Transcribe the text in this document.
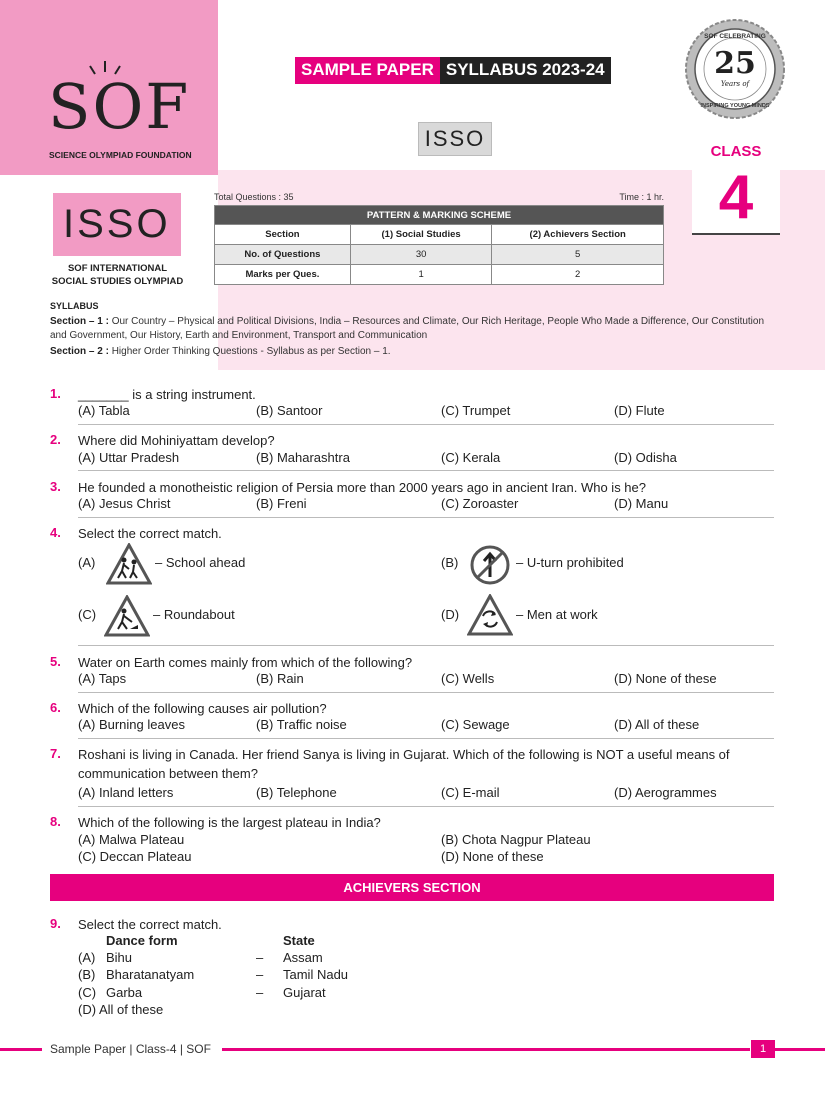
SOF
SCIENCE OLYMPIAD FOUNDATION
SAMPLE PAPER SYLLABUS 2023-24
ISSO
25
Years of
SOF CELEBRATING
INSPIRING YOUNG MINDS
CLASS
4
ISSO
SOF INTERNATIONAL
SOCIAL STUDIES OLYMPIAD
Total Questions : 35	Time : 1 hr.
PATTERN & MARKING SCHEME		
Section	(1) Social Studies	(2) Achievers Section
No. of Questions	30	5
Marks per Ques.	1	2
SYLLABUS
Section – 1 : Our Country – Physical and Political Divisions, India – Resources and Climate, Our Rich Heritage, People Who Made a Difference, Our Constitution and Government, Our History, Earth and Environment, Transport and Communication
Section – 2 : Higher Order Thinking Questions - Syllabus as per Section – 1.
1. _______ is a string instrument.
(A) Tabla	(B) Santoor	(C) Trumpet	(D) Flute
2. Where did Mohiniyattam develop?
(A) Uttar Pradesh	(B) Maharashtra	(C) Kerala	(D) Odisha
3. He founded a monotheistic religion of Persia more than 2000 years ago in ancient Iran. Who is he?
(A) Jesus Christ	(B) Freni	(C) Zoroaster	(D) Manu
4. Select the correct match.
(A)	– School ahead	(B)	– U-turn prohibited
(C)	– Roundabout	(D)	– Men at work
5. Water on Earth comes mainly from which of the following?
(A) Taps	(B) Rain	(C) Wells	(D) None of these
6. Which of the following causes air pollution?
(A) Burning leaves	(B) Traffic noise	(C) Sewage	(D) All of these
7. Roshani is living in Canada. Her friend Sanya is living in Gujarat. Which of the following is NOT a useful means of communication between them?
(A) Inland letters	(B) Telephone	(C) E-mail	(D) Aerogrammes
8. Which of the following is the largest plateau in India?
(A) Malwa Plateau	(B) Chota Nagpur Plateau
(C) Deccan Plateau	(D) None of these
ACHIEVERS SECTION
9. Select the correct match.
Dance form	State
(A) Bihu	– Assam
(B) Bharatanatyam	– Tamil Nadu
(C) Garba	– Gujarat
(D) All of these
Sample Paper | Class-4 | SOF	1
